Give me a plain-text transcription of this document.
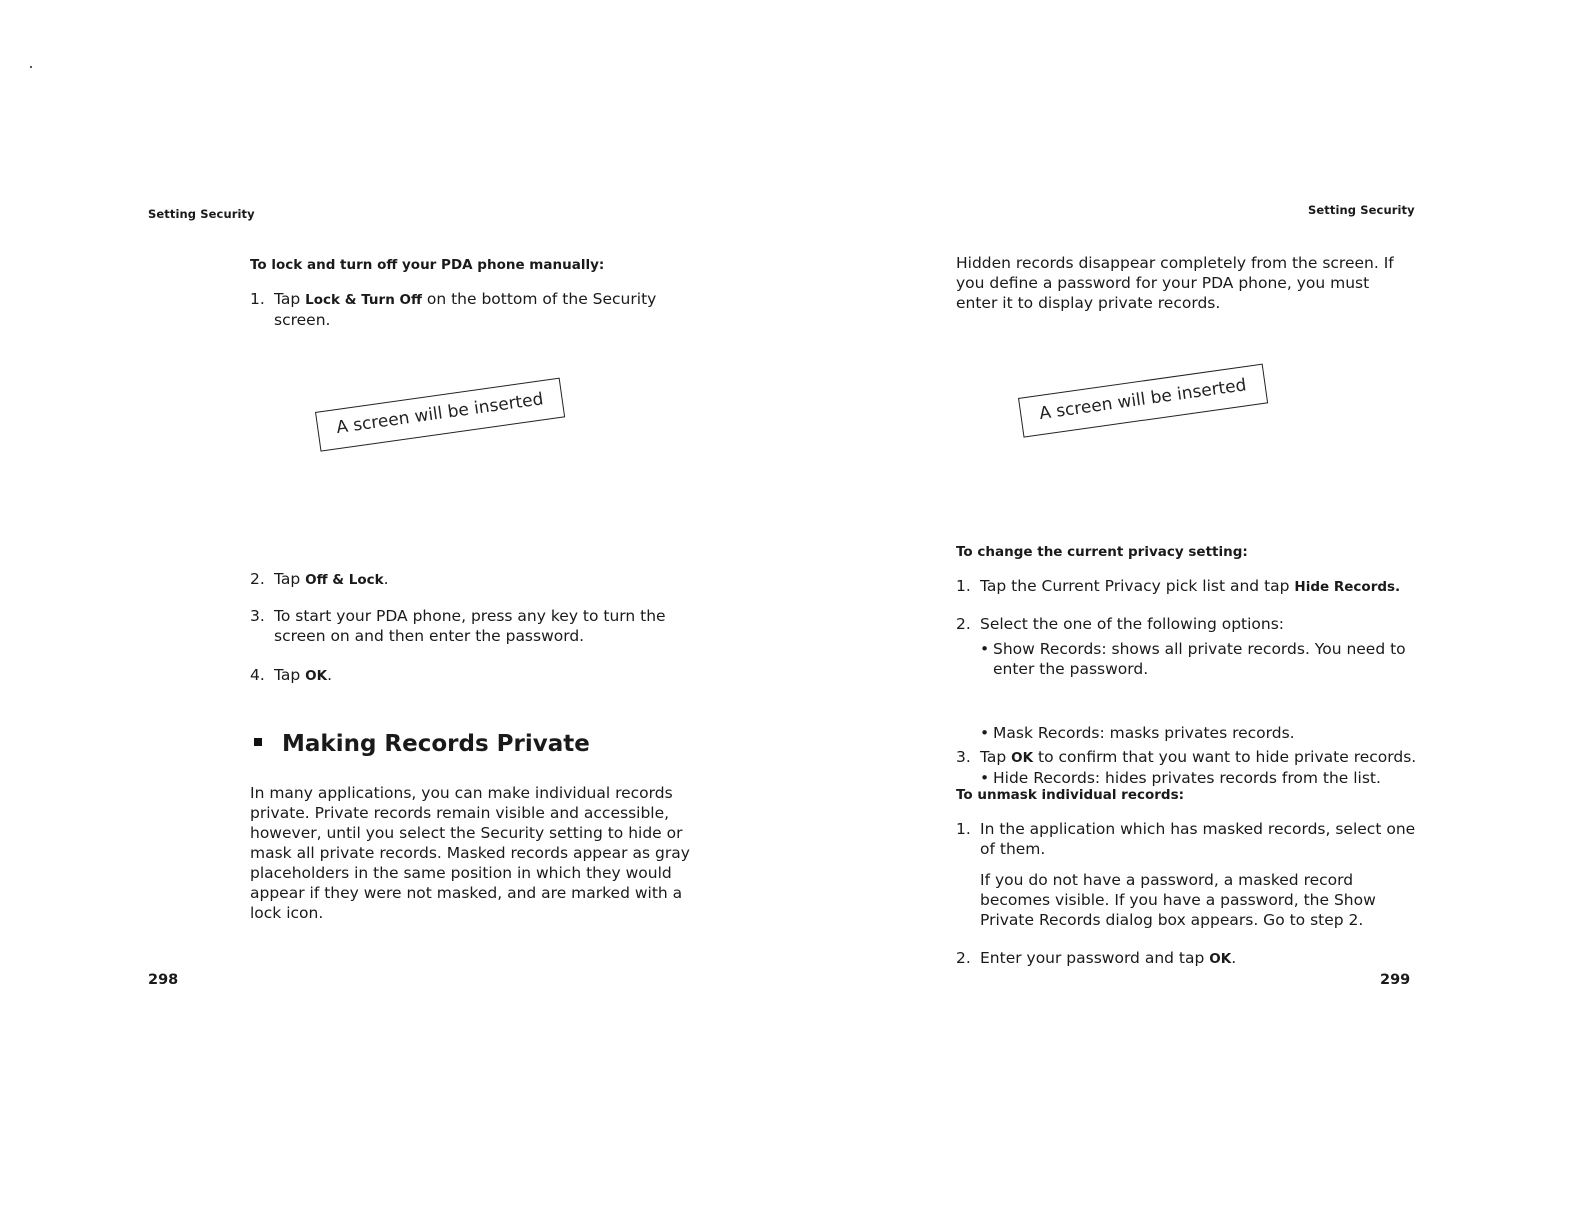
Setting Security
To lock and turn off your PDA phone manually:
1. Tap Lock & Turn Off on the bottom of the Security screen.
A screen will be inserted
2. Tap Off & Lock.
3. To start your PDA phone, press any key to turn the screen on and then enter the password.
4. Tap OK.
Making Records Private
In many applications, you can make individual records private. Private records remain visible and accessible, however, until you select the Security setting to hide or mask all private records. Masked records appear as gray placeholders in the same position in which they would appear if they were not masked, and are marked with a lock icon.
298
Setting Security
Hidden records disappear completely from the screen. If you define a password for your PDA phone, you must enter it to display private records.
A screen will be inserted
To change the current privacy setting:
1. Tap the Current Privacy pick list and tap Hide Records.
2. Select the one of the following options:
• Show Records: shows all private records. You need to enter the password.
• Mask Records: masks privates records.
• Hide Records: hides privates records from the list.
3. Tap OK to confirm that you want to hide private records.
To unmask individual records:
1. In the application which has masked records, select one of them.
If you do not have a password, a masked record becomes visible. If you have a password, the Show Private Records dialog box appears. Go to step 2.
2. Enter your password and tap OK.
299
